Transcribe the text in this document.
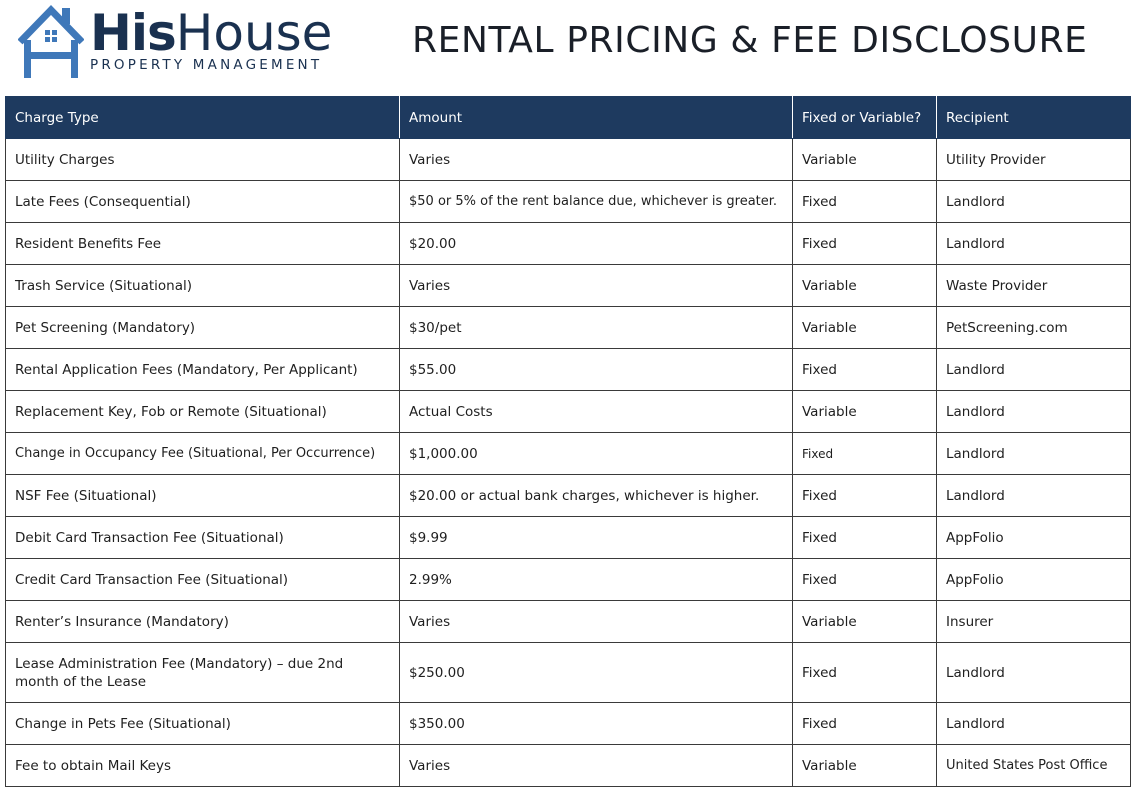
HisHouse
PROPERTY MANAGEMENT
RENTAL PRICING & FEE DISCLOSURE
Charge Type	Amount	Fixed or Variable?	Recipient
Utility Charges	Varies	Variable	Utility Provider
Late Fees (Consequential)	$50 or 5% of the rent balance due, whichever is greater.	Fixed	Landlord
Resident Benefits Fee	$20.00	Fixed	Landlord
Trash Service (Situational)	Varies	Variable	Waste Provider
Pet Screening (Mandatory)	$30/pet	Variable	PetScreening.com
Rental Application Fees (Mandatory, Per Applicant)	$55.00	Fixed	Landlord
Replacement Key, Fob or Remote (Situational)	Actual Costs	Variable	Landlord
Change in Occupancy Fee (Situational, Per Occurrence)	$1,000.00	Fixed	Landlord
NSF Fee (Situational)	$20.00 or actual bank charges, whichever is higher.	Fixed	Landlord
Debit Card Transaction Fee (Situational)	$9.99	Fixed	AppFolio
Credit Card Transaction Fee (Situational)	2.99%	Fixed	AppFolio
Renter’s Insurance (Mandatory)	Varies	Variable	Insurer
Lease Administration Fee (Mandatory) – due 2nd month of the Lease	$250.00	Fixed	Landlord
Change in Pets Fee (Situational)	$350.00	Fixed	Landlord
Fee to obtain Mail Keys	Varies	Variable	United States Post Office
